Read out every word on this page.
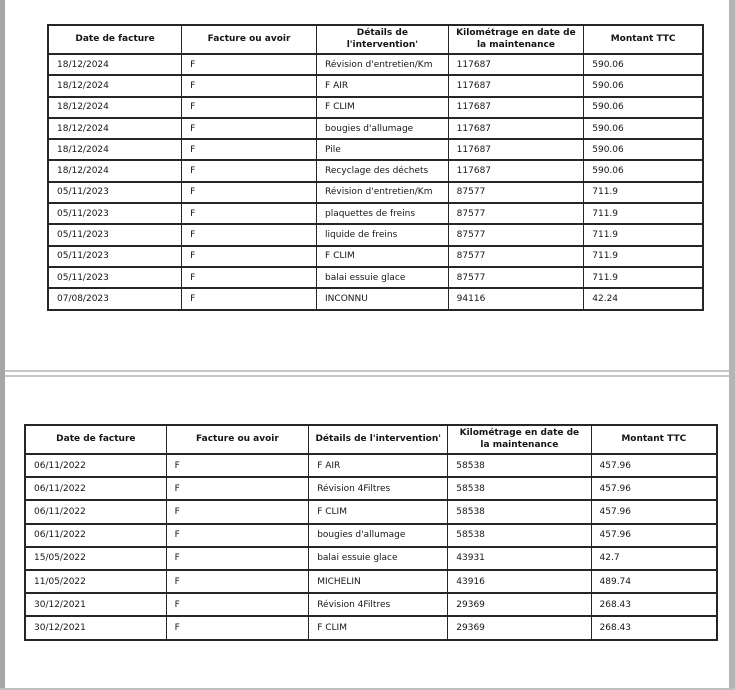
Date de facture	Facture ou avoir	Détails de l'intervention'	Kilométrage en date de la maintenance	Montant TTC
18/12/2024	F	Révision d'entretien/Km	117687	590.06
18/12/2024	F	F AIR	117687	590.06
18/12/2024	F	F CLIM	117687	590.06
18/12/2024	F	bougies d'allumage	117687	590.06
18/12/2024	F	Pile	117687	590.06
18/12/2024	F	Recyclage des déchets	117687	590.06
05/11/2023	F	Révision d'entretien/Km	87577	711.9
05/11/2023	F	plaquettes de freins	87577	711.9
05/11/2023	F	liquide de freins	87577	711.9
05/11/2023	F	F CLIM	87577	711.9
05/11/2023	F	balai essuie glace	87577	711.9
07/08/2023	F	INCONNU	94116	42.24
Date de facture	Facture ou avoir	Détails de l'intervention'	Kilométrage en date de la maintenance	Montant TTC
06/11/2022	F	F AIR	58538	457.96
06/11/2022	F	Révision 4Filtres	58538	457.96
06/11/2022	F	F CLIM	58538	457.96
06/11/2022	F	bougies d'allumage	58538	457.96
15/05/2022	F	balai essuie glace	43931	42.7
11/05/2022	F	MICHELIN	43916	489.74
30/12/2021	F	Révision 4Filtres	29369	268.43
30/12/2021	F	F CLIM	29369	268.43
